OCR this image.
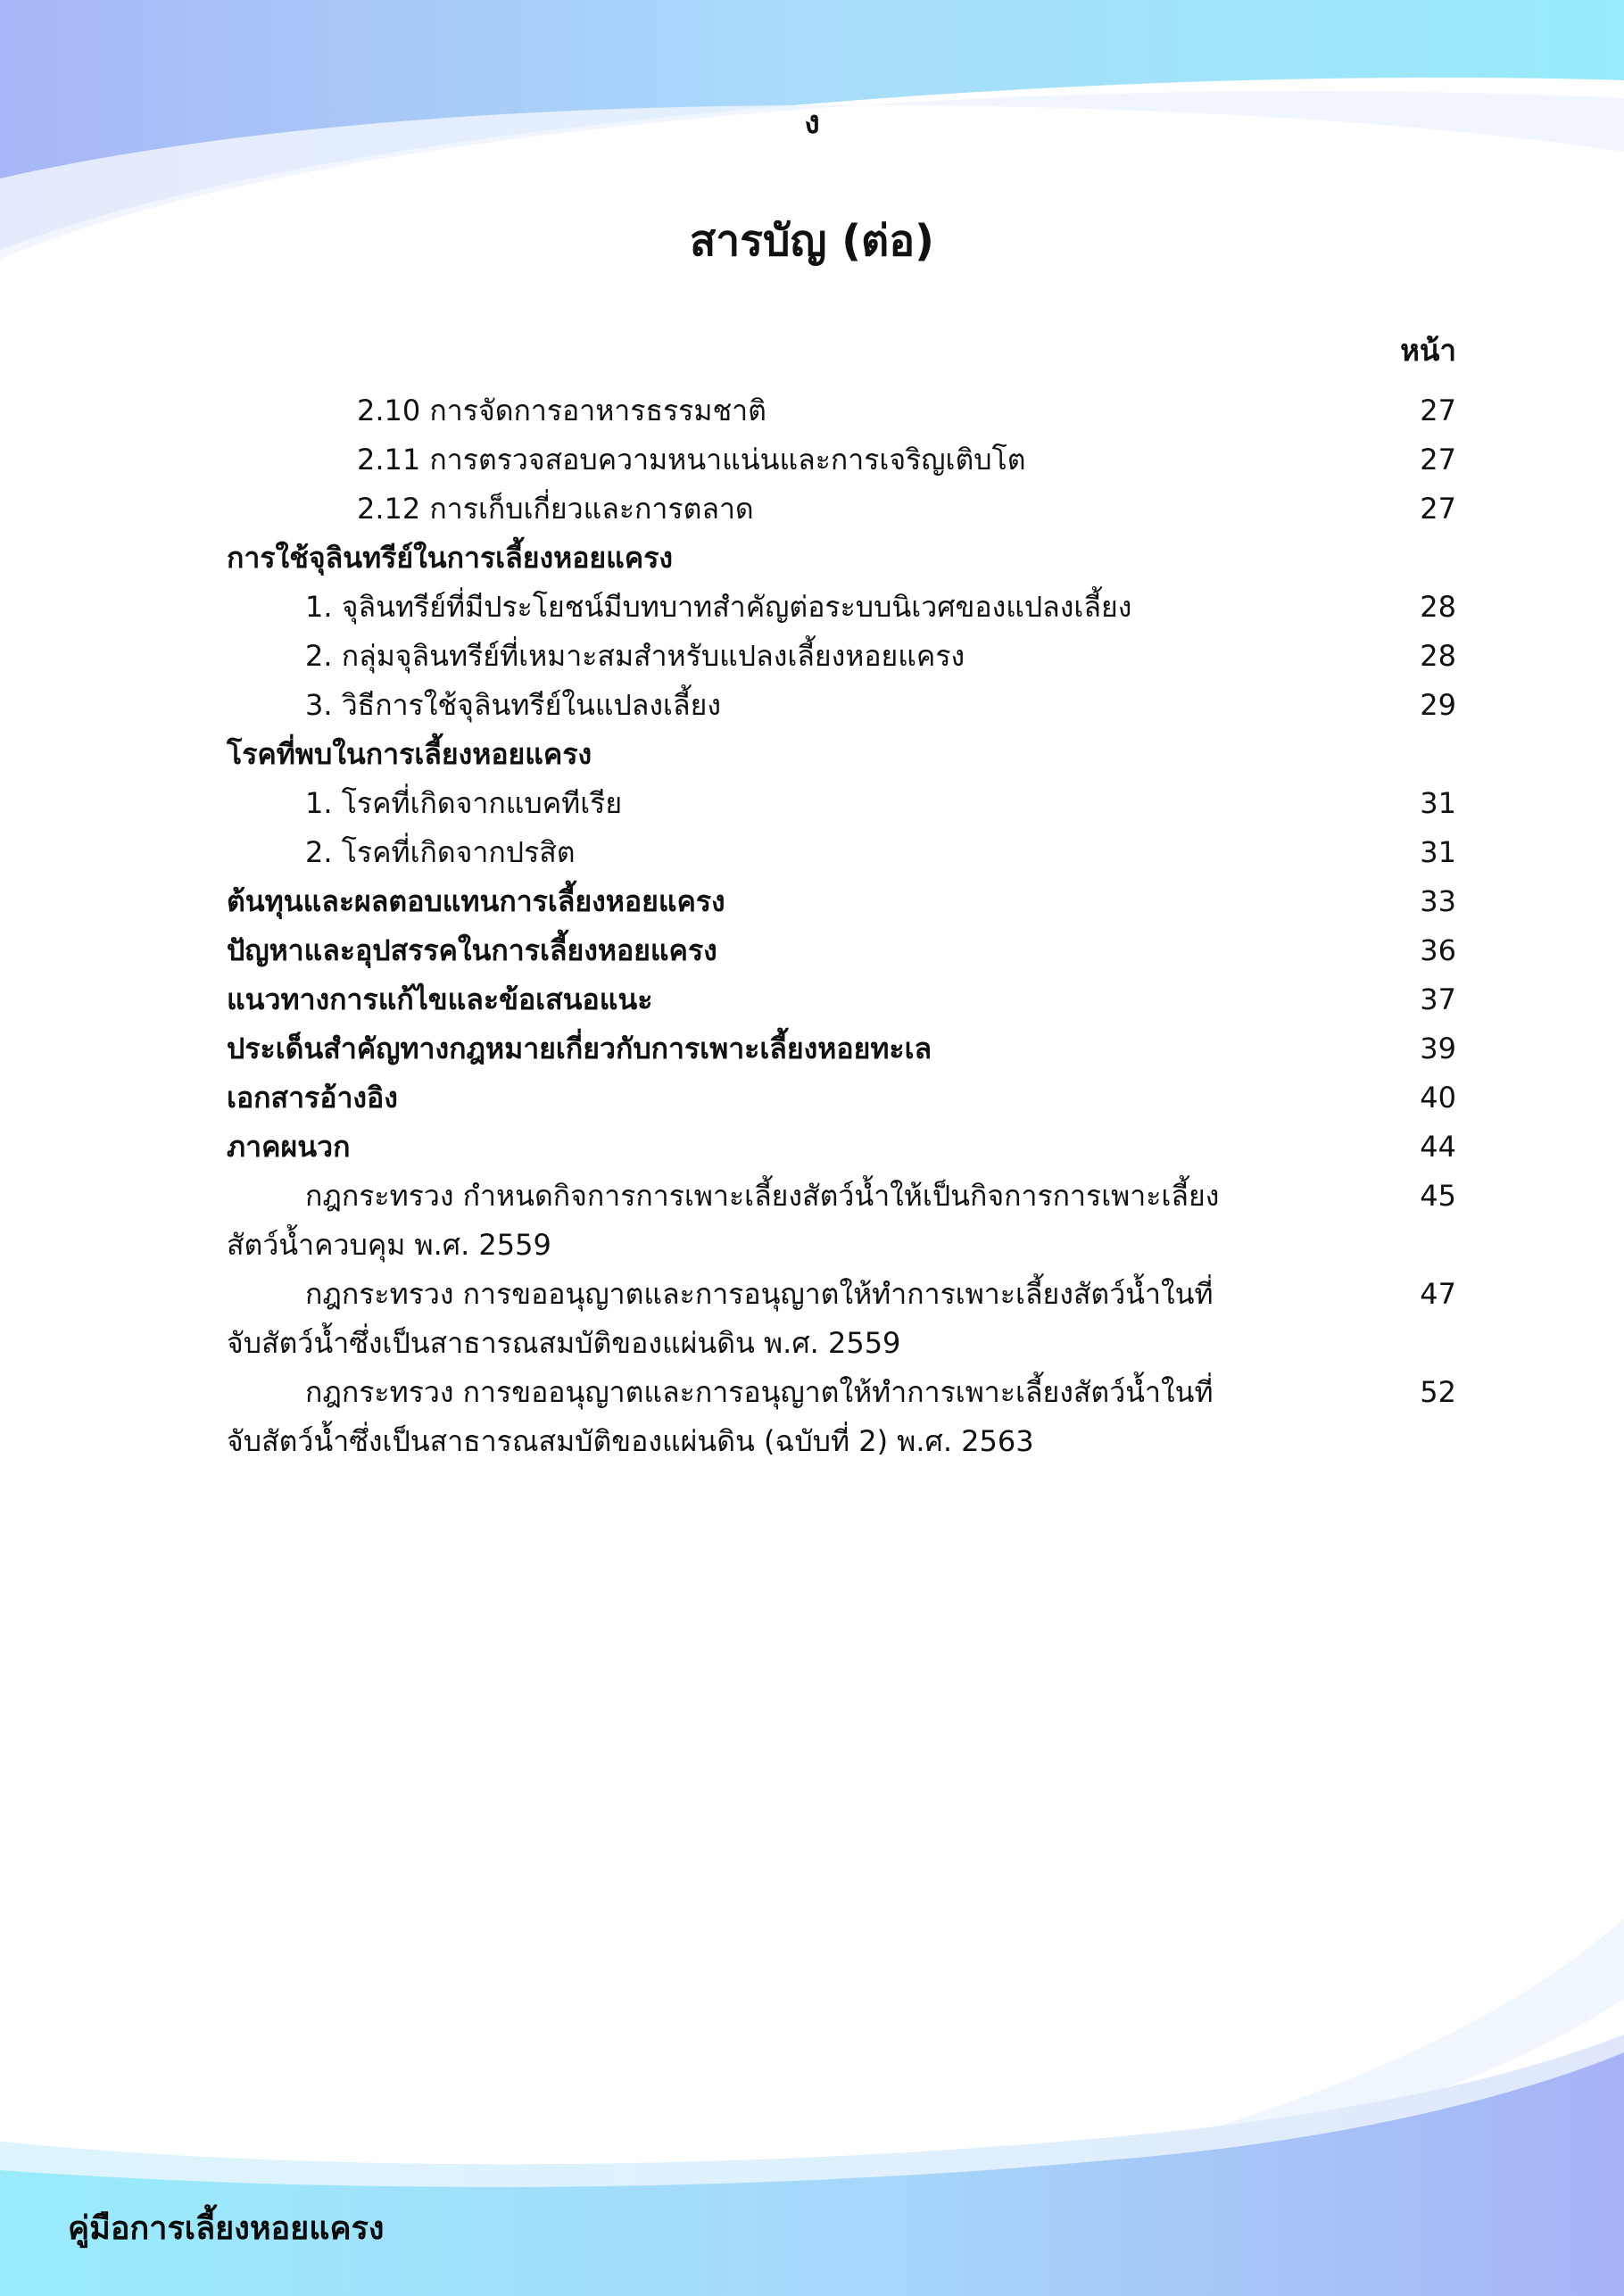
ง
สารบัญ (ต่อ)
หน้า
2.10 การจัดการอาหารธรรมชาติ	27
2.11 การตรวจสอบความหนาแน่นและการเจริญเติบโต	27
2.12 การเก็บเกี่ยวและการตลาด	27
การใช้จุลินทรีย์ในการเลี้ยงหอยแครง
1. จุลินทรีย์ที่มีประโยชน์มีบทบาทสำคัญต่อระบบนิเวศของแปลงเลี้ยง	28
2. กลุ่มจุลินทรีย์ที่เหมาะสมสำหรับแปลงเลี้ยงหอยแครง	28
3. วิธีการใช้จุลินทรีย์ในแปลงเลี้ยง	29
โรคที่พบในการเลี้ยงหอยแครง
1. โรคที่เกิดจากแบคทีเรีย	31
2. โรคที่เกิดจากปรสิต	31
ต้นทุนและผลตอบแทนการเลี้ยงหอยแครง	33
ปัญหาและอุปสรรคในการเลี้ยงหอยแครง	36
แนวทางการแก้ไขและข้อเสนอแนะ	37
ประเด็นสำคัญทางกฎหมายเกี่ยวกับการเพาะเลี้ยงหอยทะเล	39
เอกสารอ้างอิง	40
ภาคผนวก	44
กฎกระทรวง กำหนดกิจการการเพาะเลี้ยงสัตว์น้ำให้เป็นกิจการการเพาะเลี้ยง	45
สัตว์น้ำควบคุม พ.ศ. 2559
กฎกระทรวง การขออนุญาตและการอนุญาตให้ทำการเพาะเลี้ยงสัตว์น้ำในที่	47
จับสัตว์น้ำซึ่งเป็นสาธารณสมบัติของแผ่นดิน พ.ศ. 2559
กฎกระทรวง การขออนุญาตและการอนุญาตให้ทำการเพาะเลี้ยงสัตว์น้ำในที่	52
จับสัตว์น้ำซึ่งเป็นสาธารณสมบัติของแผ่นดิน (ฉบับที่ 2) พ.ศ. 2563
คู่มือการเลี้ยงหอยแครง
